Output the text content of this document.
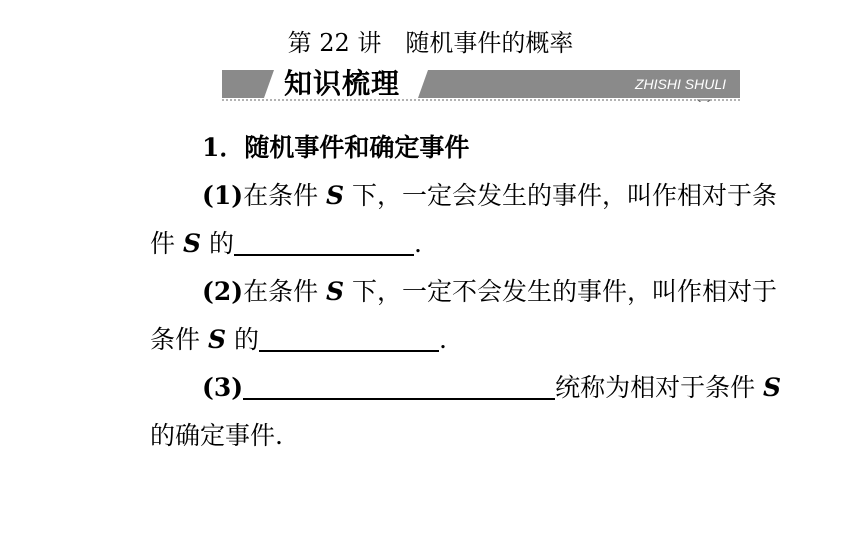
第 22 讲　随机事件的概率
知识梳理	ZHISHI SHULI
1．随机事件和确定事件
(1)在条件 S 下，一定会发生的事件，叫作相对于条
件 S 的	.
(2)在条件 S 下，一定不会发生的事件，叫作相对于
条件 S 的	.
(3)	统称为相对于条件 S
的确定事件.
